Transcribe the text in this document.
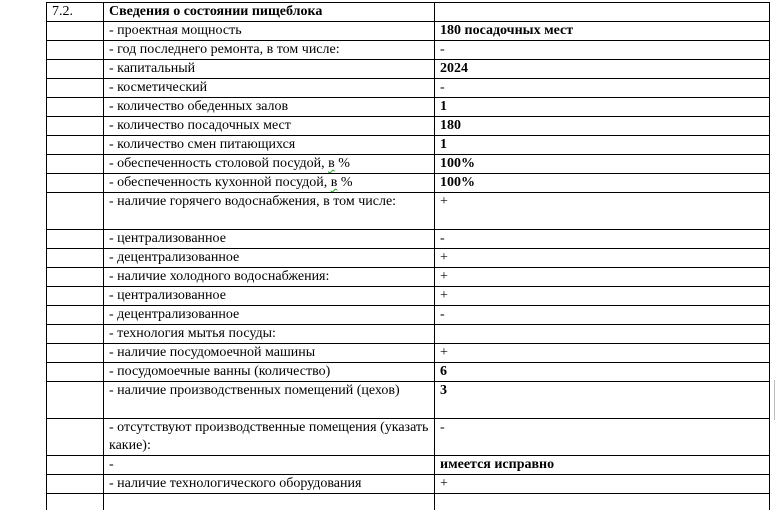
7.2.	Сведения о состоянии пищеблока	
	- проектная мощность	180 посадочных мест
	- год последнего ремонта, в том числе:	-
	- капитальный	2024
	- косметический	-
	- количество обеденных залов	1
	- количество посадочных мест	180
	- количество смен питающихся	1
	- обеспеченность столовой посудой, в %	100%
	- обеспеченность кухонной посудой, в %	100%
	- наличие горячего водоснабжения, в том числе:	+
	- централизованное	-
	- децентрализованное	+
	- наличие холодного водоснабжения:	+
	- централизованное	+
	- децентрализованное	-
	- технология мытья посуды:	
	- наличие посудомоечной машины	+
	- посудомоечные ванны (количество)	6
	- наличие производственных помещений (цехов)	3
	- отсутствуют производственные помещения (указать какие):	-
	-	имеется исправно
	- наличие технологического оборудования	+
